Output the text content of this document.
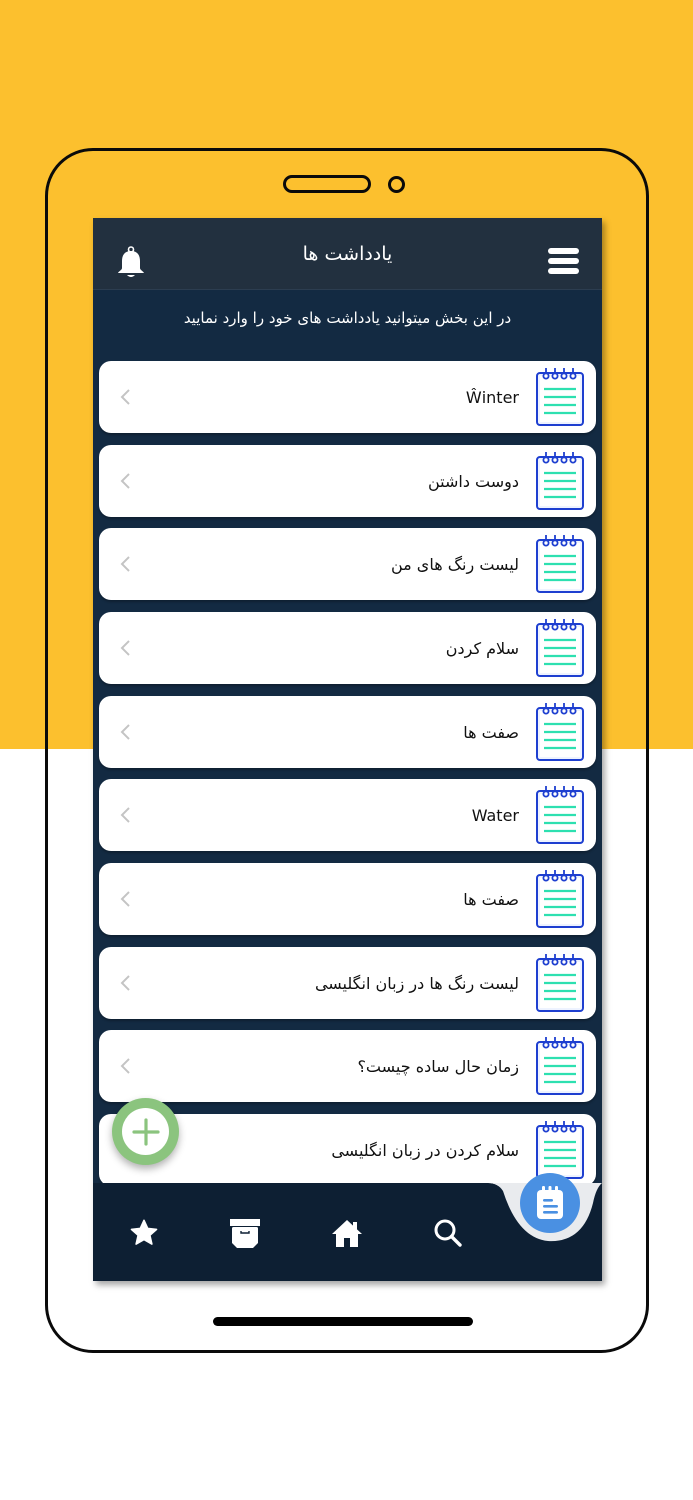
یادداشت ها
در این بخش میتوانید یادداشت های خود را وارد نمایید
Ŵinter
دوست داشتن
لیست رنگ های من
سلام کردن
صفت ها
Water
صفت ها
لیست رنگ ها در زبان انگلیسی
زمان حال ساده چیست؟
سلام کردن در زبان انگلیسی
